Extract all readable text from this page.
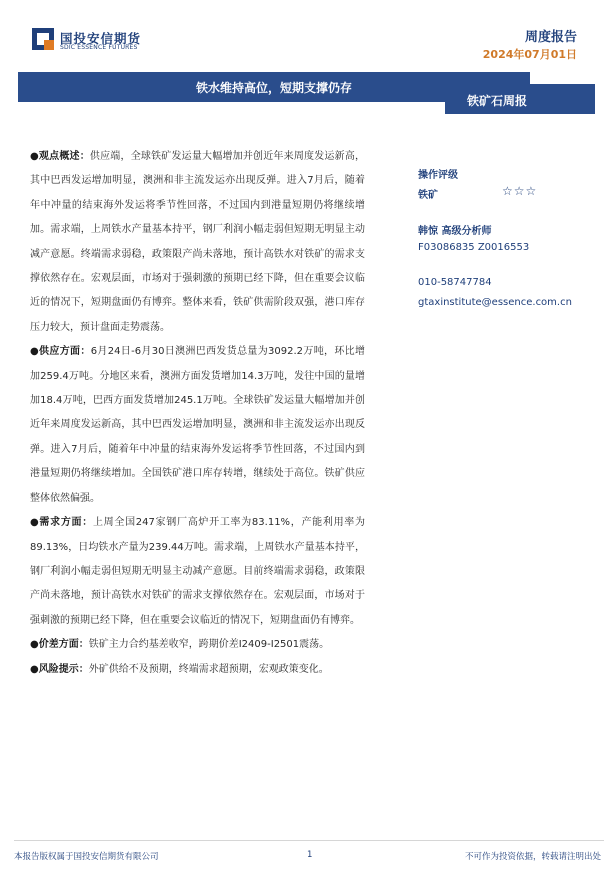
国投安信期货
SDIC ESSENCE FUTURES
周度报告
2024年07月01日
铁水维持高位，短期支撑仍存
铁矿石周报

●观点概述：供应端，全球铁矿发运量大幅增加并创近年来周度发运新高，其中巴西发运增加明显，澳洲和非主流发运亦出现反弹。进入7月后，随着年中冲量的结束海外发运将季节性回落，不过国内到港量短期仍将继续增加。需求端，上周铁水产量基本持平，钢厂利润小幅走弱但短期无明显主动减产意愿。终端需求弱稳，政策限产尚未落地，预计高铁水对铁矿的需求支撑依然存在。宏观层面，市场对于强刺激的预期已经下降，但在重要会议临近的情况下，短期盘面仍有博弈。整体来看，铁矿供需阶段双强，港口库存压力较大，预计盘面走势震荡。

●供应方面：6月24日-6月30日澳洲巴西发货总量为3092.2万吨，环比增加259.4万吨。分地区来看，澳洲方面发货增加14.3万吨，发往中国的量增加18.4万吨，巴西方面发货增加245.1万吨。全球铁矿发运量大幅增加并创近年来周度发运新高，其中巴西发运增加明显，澳洲和非主流发运亦出现反弹。进入7月后，随着年中冲量的结束海外发运将季节性回落，不过国内到港量短期仍将继续增加。全国铁矿港口库存转增，继续处于高位。铁矿供应整体依然偏强。

●需求方面：上周全国247家钢厂高炉开工率为83.11%，产能利用率为89.13%，日均铁水产量为239.44万吨。需求端，上周铁水产量基本持平，钢厂利润小幅走弱但短期无明显主动减产意愿。目前终端需求弱稳，政策限产尚未落地，预计高铁水对铁矿的需求支撑依然存在。宏观层面，市场对于强刺激的预期已经下降，但在重要会议临近的情况下，短期盘面仍有博弈。

●价差方面：铁矿主力合约基差收窄，跨期价差I2409-I2501震荡。

●风险提示：外矿供给不及预期，终端需求超预期，宏观政策变化。

操作评级
铁矿	☆☆☆
韩惊 高级分析师
F03086835 Z0016553
010-58747784
gtaxinstitute@essence.com.cn
本报告版权属于国投安信期货有限公司	1	不可作为投资依据，转载请注明出处
